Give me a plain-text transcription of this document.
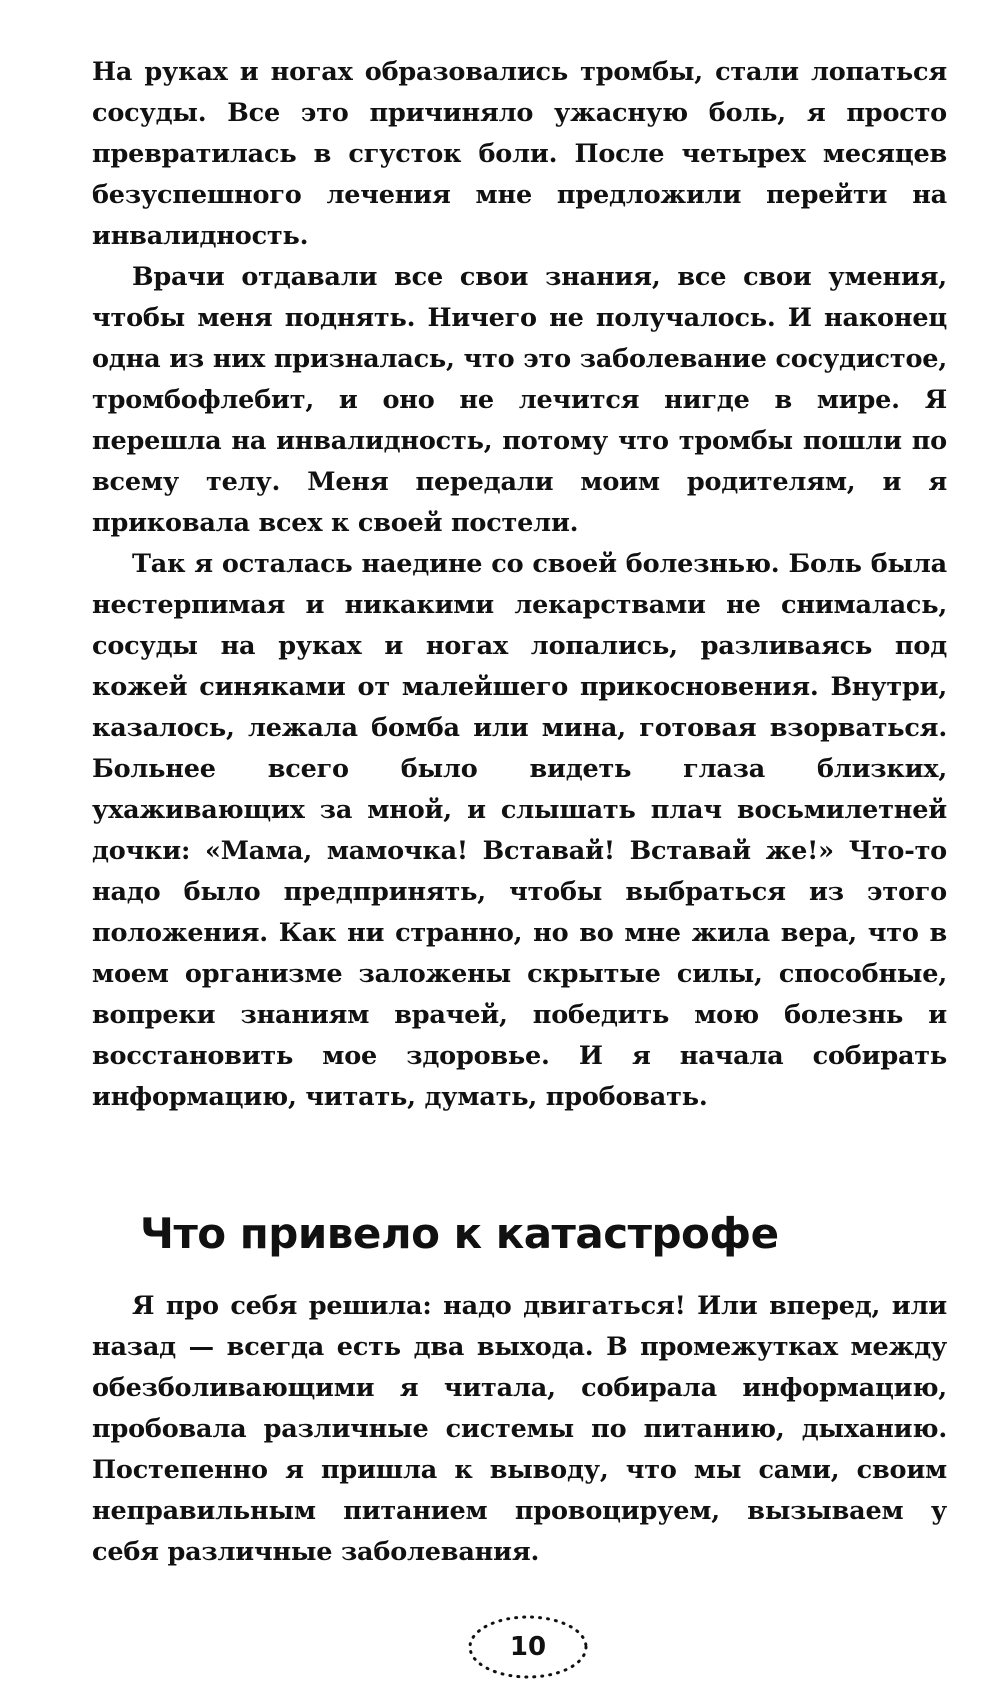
На руках и ногах образовались тромбы, стали лопаться сосуды. Все это причиняло ужасную боль, я просто превратилась в сгусток боли. После четырех месяцев безуспешного лечения мне предложили перейти на инвалидность.

Врачи отдавали все свои знания, все свои умения, чтобы меня поднять. Ничего не получалось. И наконец одна из них призналась, что это заболевание сосудистое, тромбофлебит, и оно не лечится нигде в мире. Я перешла на инвалидность, потому что тромбы пошли по всему телу. Меня передали моим родителям, и я приковала всех к своей постели.

Так я осталась наедине со своей болезнью. Боль была нестерпимая и никакими лекарствами не снималась, сосуды на руках и ногах лопались, разливаясь под кожей синяками от малейшего прикосновения. Внутри, казалось, лежала бомба или мина, готовая взорваться. Больнее всего было видеть глаза близких, ухаживающих за мной, и слышать плач восьмилетней дочки: «Мама, мамочка! Вставай! Вставай же!» Что-то надо было предпринять, чтобы выбраться из этого положения. Как ни странно, но во мне жила вера, что в моем организме заложены скрытые силы, способные, вопреки знаниям врачей, победить мою болезнь и восстановить мое здоровье. И я начала собирать информацию, читать, думать, пробовать.

Что привело к катастрофе

Я про себя решила: надо двигаться! Или вперед, или назад — всегда есть два выхода. В промежутках между обезболивающими я читала, собирала информацию, пробовала различные системы по питанию, дыханию. Постепенно я пришла к выводу, что мы сами, своим неправильным питанием провоцируем, вызываем у себя различные заболевания.

10
